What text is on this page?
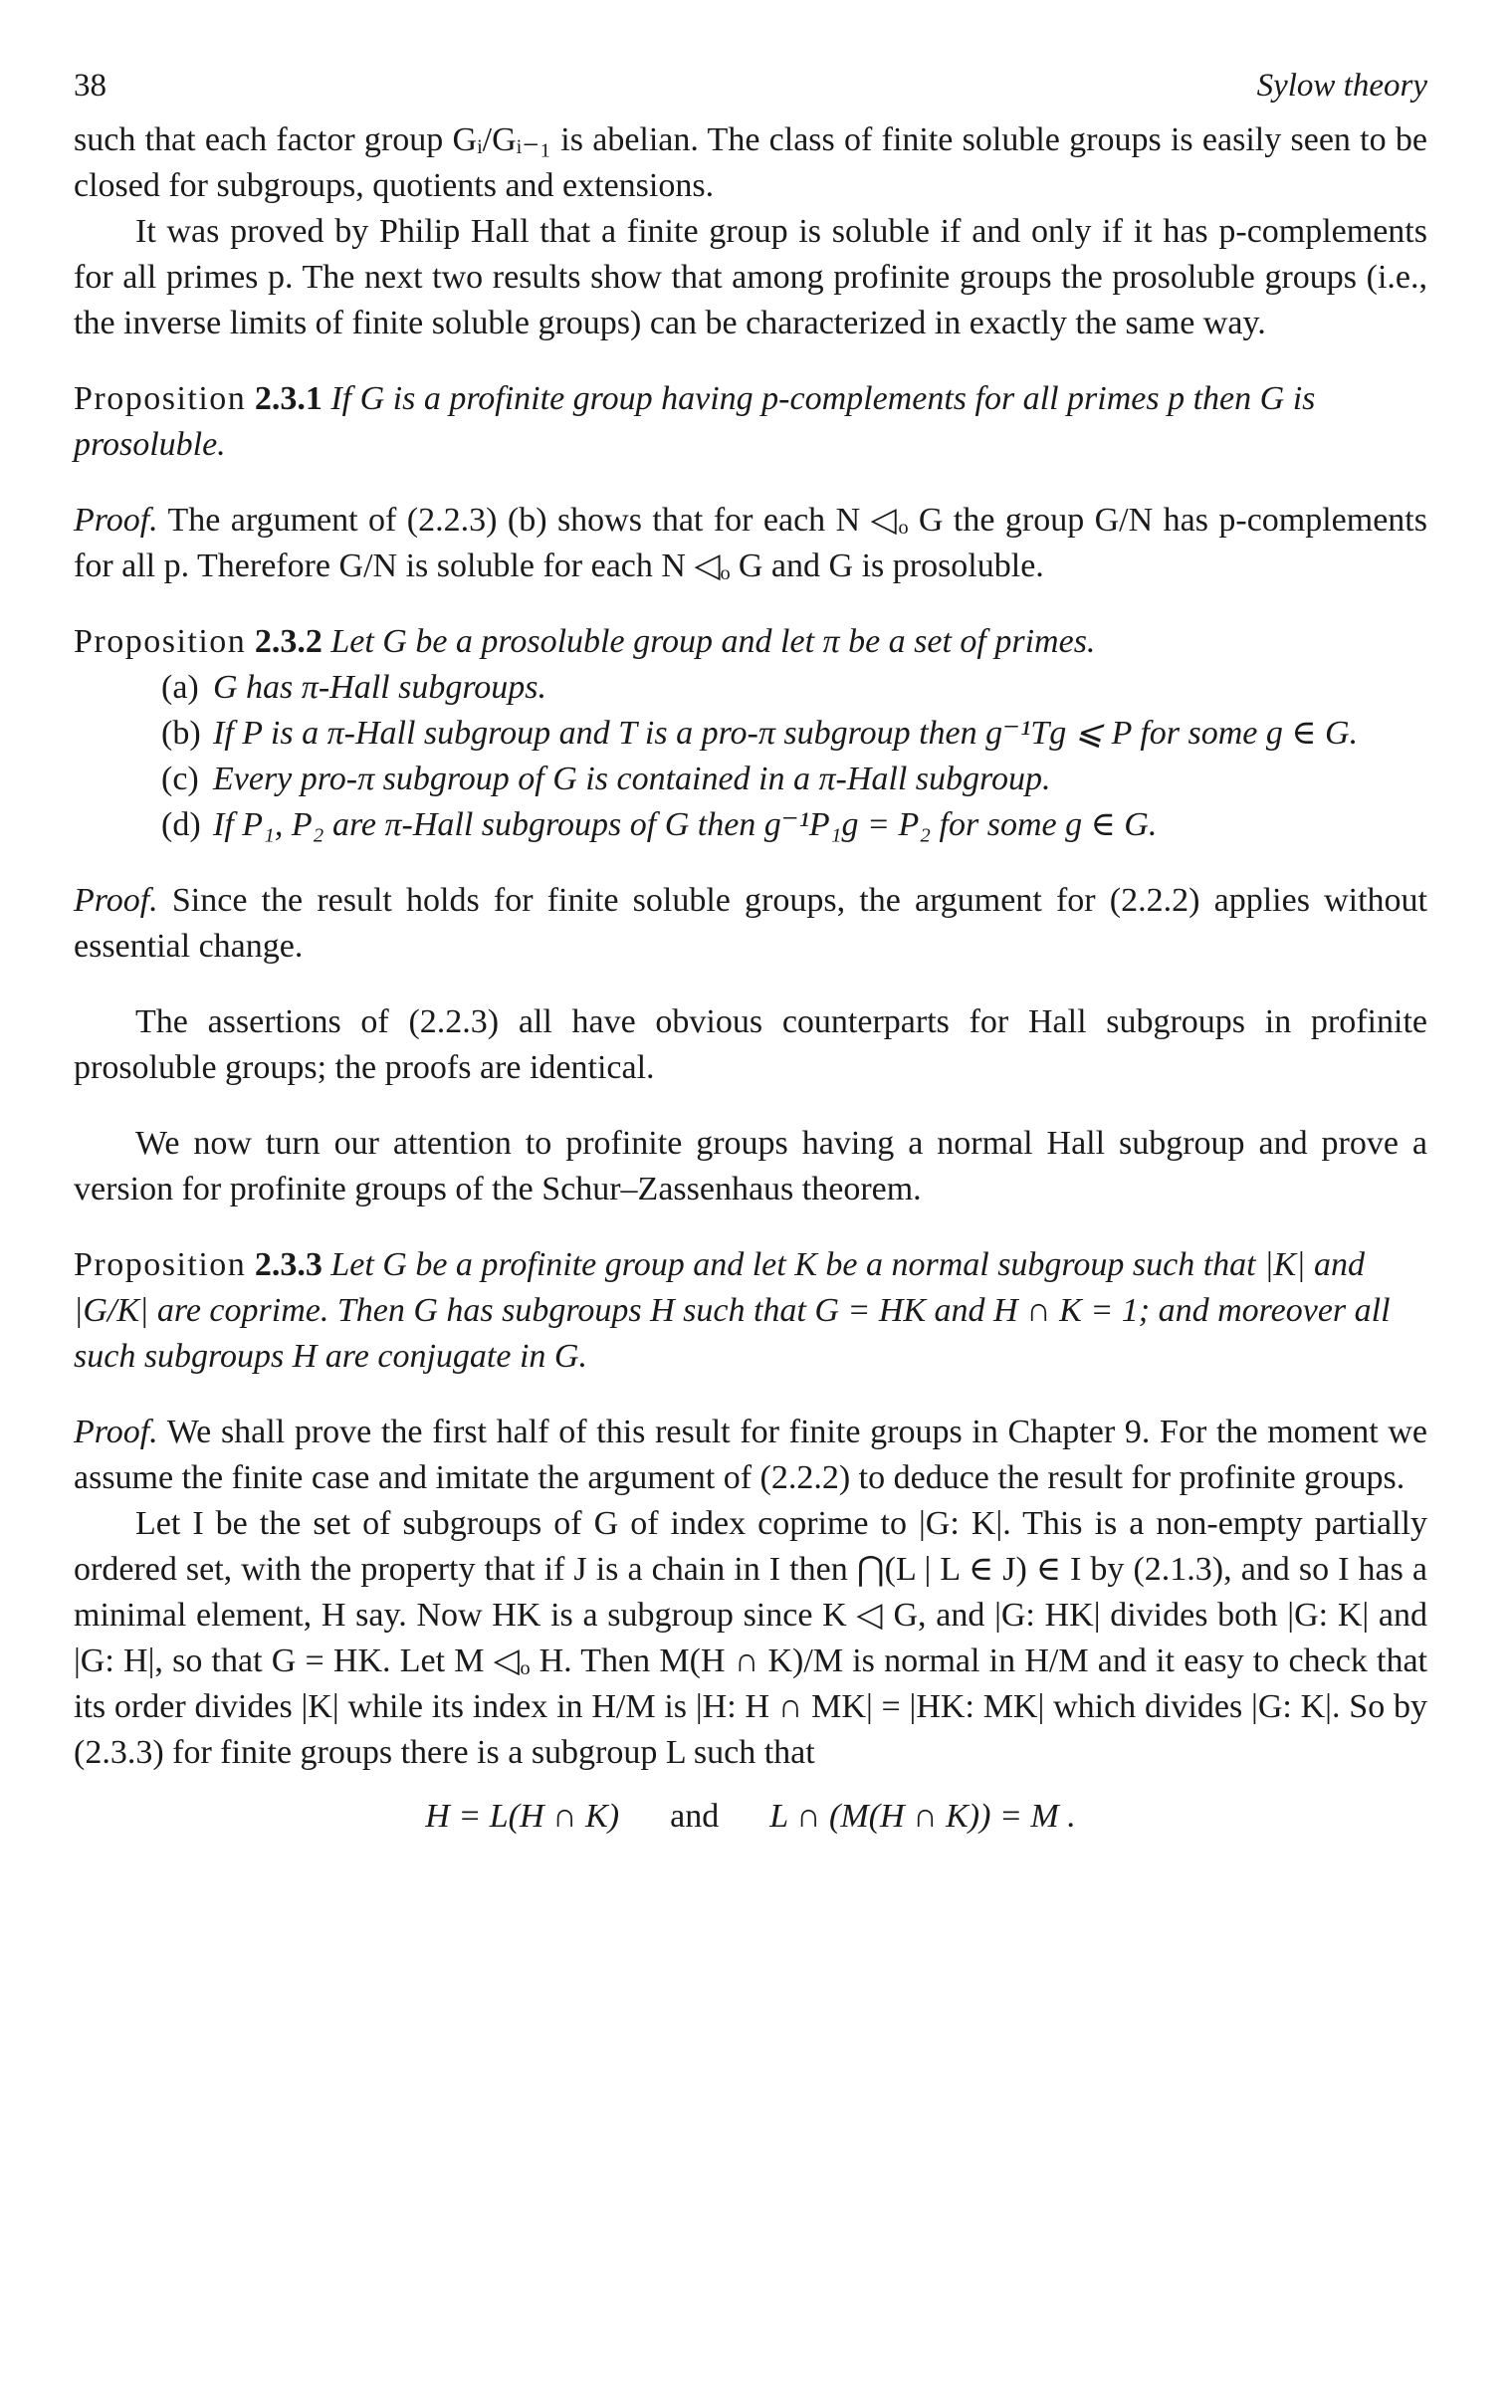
38	Sylow theory

such that each factor group Gᵢ/Gᵢ₋₁ is abelian. The class of finite soluble groups is easily seen to be closed for subgroups, quotients and extensions.

It was proved by Philip Hall that a finite group is soluble if and only if it has p-complements for all primes p. The next two results show that among profinite groups the prosoluble groups (i.e., the inverse limits of finite soluble groups) can be characterized in exactly the same way.

Proposition 2.3.1 If G is a profinite group having p-complements for all primes p then G is prosoluble.

Proof. The argument of (2.2.3) (b) shows that for each N ◁ₒ G the group G/N has p-complements for all p. Therefore G/N is soluble for each N ◁ₒ G and G is prosoluble.

Proposition 2.3.2 Let G be a prosoluble group and let π be a set of primes.

(a) G has π-Hall subgroups.

(b) If P is a π-Hall subgroup and T is a pro-π subgroup then g⁻¹Tg ⩽ P for some g ∈ G.

(c) Every pro-π subgroup of G is contained in a π-Hall subgroup.

(d) If P₁, P₂ are π-Hall subgroups of G then g⁻¹P₁g = P₂ for some g ∈ G.

Proof. Since the result holds for finite soluble groups, the argument for (2.2.2) applies without essential change.

The assertions of (2.2.3) all have obvious counterparts for Hall subgroups in profinite prosoluble groups; the proofs are identical.

We now turn our attention to profinite groups having a normal Hall subgroup and prove a version for profinite groups of the Schur–Zassenhaus theorem.

Proposition 2.3.3 Let G be a profinite group and let K be a normal subgroup such that |K| and |G/K| are coprime. Then G has subgroups H such that G = HK and H ∩ K = 1; and moreover all such subgroups H are conjugate in G.

Proof. We shall prove the first half of this result for finite groups in Chapter 9. For the moment we assume the finite case and imitate the argument of (2.2.2) to deduce the result for profinite groups.

Let I be the set of subgroups of G of index coprime to |G: K|. This is a non-empty partially ordered set, with the property that if J is a chain in I then ⋂(L | L ∈ J) ∈ I by (2.1.3), and so I has a minimal element, H say. Now HK is a subgroup since K ◁ G, and |G: HK| divides both |G: K| and |G: H|, so that G = HK. Let M ◁ₒ H. Then M(H ∩ K)/M is normal in H/M and it easy to check that its order divides |K| while its index in H/M is |H: H ∩ MK| = |HK: MK| which divides |G: K|. So by (2.3.3) for finite groups there is a subgroup L such that

H = L(H ∩ K) and L ∩ (M(H ∩ K)) = M .
